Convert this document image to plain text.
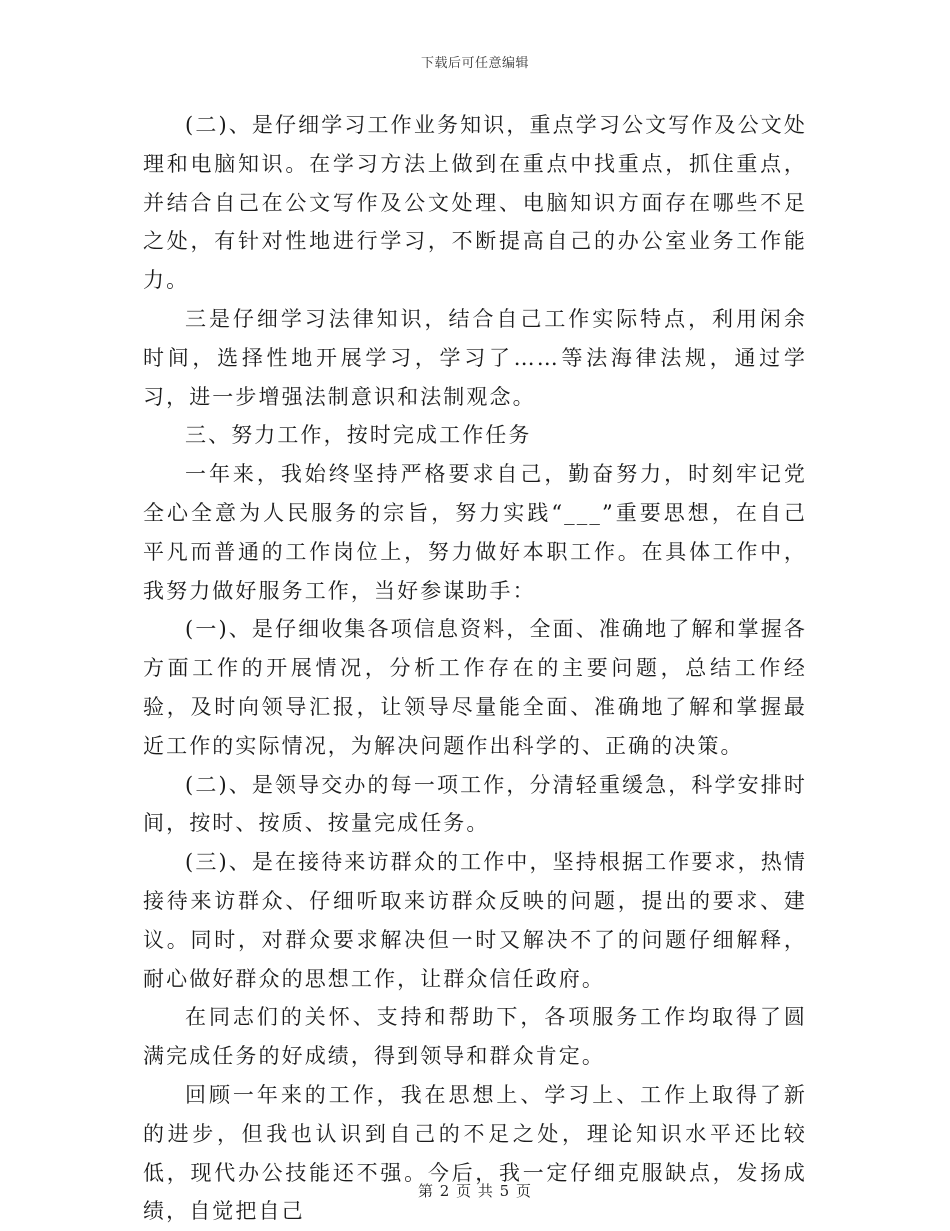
下载后可任意编辑

(二)、是仔细学习工作业务知识，重点学习公文写作及公文处理和电脑知识。在学习方法上做到在重点中找重点，抓住重点，并结合自己在公文写作及公文处理、电脑知识方面存在哪些不足之处，有针对性地进行学习，不断提高自己的办公室业务工作能力。

三是仔细学习法律知识，结合自己工作实际特点，利用闲余时间，选择性地开展学习，学习了……等法海律法规，通过学习，进一步增强法制意识和法制观念。

三、努力工作，按时完成工作任务

一年来，我始终坚持严格要求自己，勤奋努力，时刻牢记党全心全意为人民服务的宗旨，努力实践“___”重要思想，在自己平凡而普通的工作岗位上，努力做好本职工作。在具体工作中，我努力做好服务工作，当好参谋助手：

(一)、是仔细收集各项信息资料，全面、准确地了解和掌握各方面工作的开展情况，分析工作存在的主要问题，总结工作经验，及时向领导汇报，让领导尽量能全面、准确地了解和掌握最近工作的实际情况，为解决问题作出科学的、正确的决策。

(二)、是领导交办的每一项工作，分清轻重缓急，科学安排时间，按时、按质、按量完成任务。

(三)、是在接待来访群众的工作中，坚持根据工作要求，热情接待来访群众、仔细听取来访群众反映的问题，提出的要求、建议。同时，对群众要求解决但一时又解决不了的问题仔细解释，耐心做好群众的思想工作，让群众信任政府。

在同志们的关怀、支持和帮助下，各项服务工作均取得了圆满完成任务的好成绩，得到领导和群众肯定。

回顾一年来的工作，我在思想上、学习上、工作上取得了新的进步，但我也认识到自己的不足之处，理论知识水平还比较低，现代办公技能还不强。今后，我一定仔细克服缺点，发扬成绩，自觉把自己

第 2 页 共 5 页
